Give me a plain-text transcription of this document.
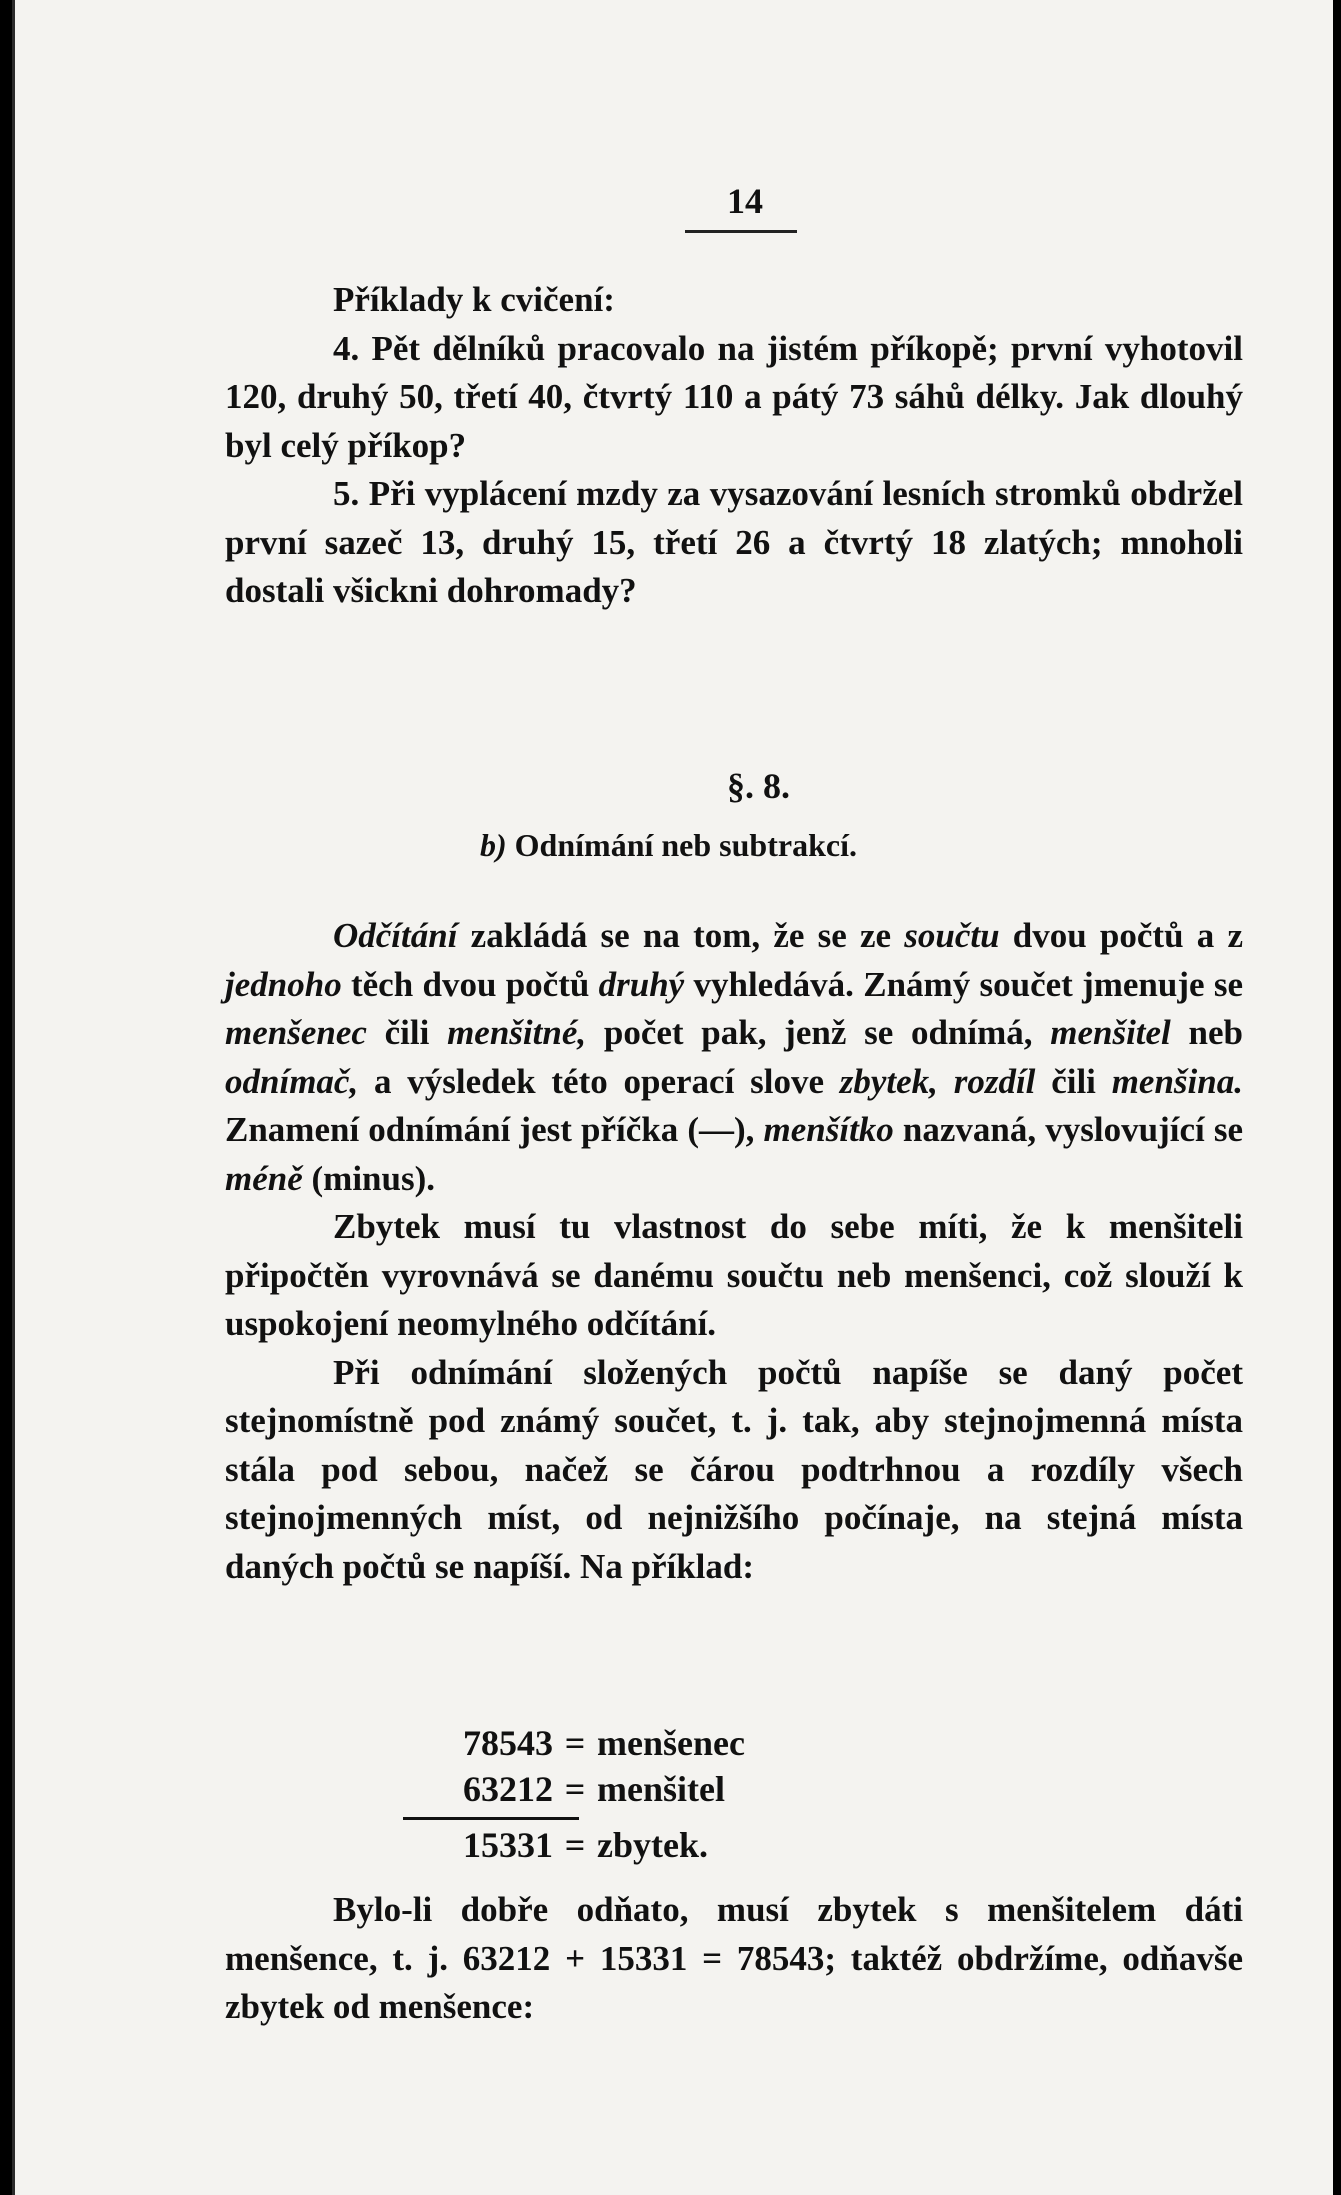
14

Příklady k cvičení:

4. Pět dělníků pracovalo na jistém příkopě; první vyhotovil 120, druhý 50, třetí 40, čtvrtý 110 a pátý 73 sáhů délky. Jak dlouhý byl celý příkop?

5. Při vyplácení mzdy za vysazování lesních stromků obdržel první sazeč 13, druhý 15, třetí 26 a čtvrtý 18 zlatých; mnoholi dostali všickni dohromady?

§. 8.
b) Odnímání neb subtrakcí.

Odčítání zakládá se na tom, že se ze součtu dvou počtů a z jednoho těch dvou počtů druhý vyhledává. Známý součet jmenuje se menšenec čili menšitné, počet pak, jenž se odnímá, menšitel neb odnímač, a výsledek této operací slove zbytek, rozdíl čili menšina. Znamení odnímání jest příčka (—), menšítko nazvaná, vyslovující se méně (minus).

Zbytek musí tu vlastnost do sebe míti, že k menšiteli připočtěn vyrovnává se danému součtu neb menšenci, což slouží k uspokojení neomylného odčítání.

Při odnímání složených počtů napíše se daný počet stejnomístně pod známý součet, t. j. tak, aby stejnojmenná místa stála pod sebou, načež se čárou podtrhnou a rozdíly všech stejnojmenných míst, od nejnižšího počínaje, na stejná místa daných počtů se napíší. Na příklad:

78543 = menšenec
63212 = menšitel
15331 = zbytek.

Bylo-li dobře odňato, musí zbytek s menšitelem dáti menšence, t. j. 63212 + 15331 = 78543; taktéž obdržíme, odňavše zbytek od menšence:
